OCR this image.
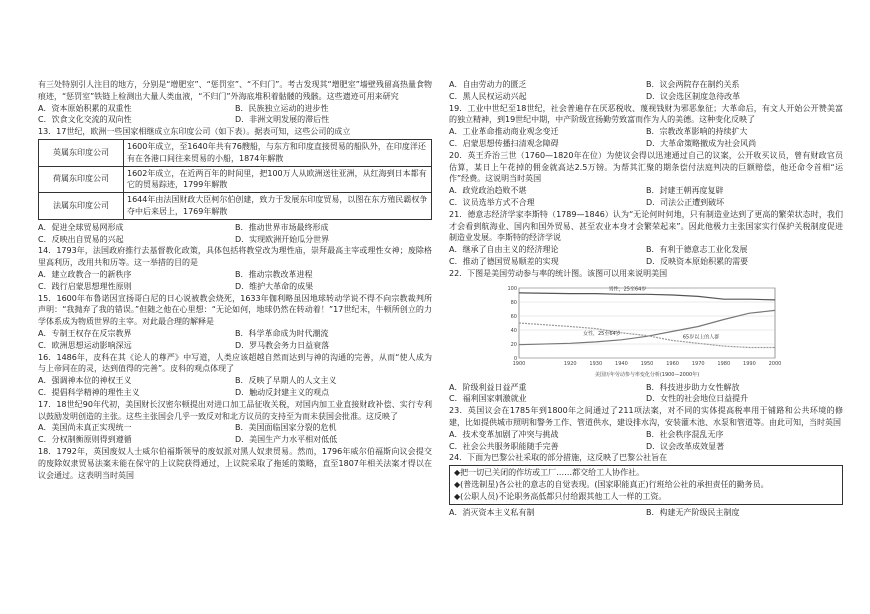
有三处特别引人注目的地方，分别是“增肥室”、“惩罚室”、“不归门”。考古发现其“增肥室”墙壁残留高热量食物痕迹，“惩罚室”铁链上检测出大量人类血液，“不归门”外海底堆积着骷髅的残骸。这些遗迹可用来研究

A．资本原始积累的双重性	B．民族独立运动的进步性
C．饮食文化交流的双向性	D．非洲文明发展的滞后性

13．17世纪，欧洲一些国家相继成立东印度公司（如下表）。据表可知，这些公司的成立

英属东印度公司	1600年成立，至1640年共有76艘船，与东方和印度直接贸易的船队外，在印度洋还有在各港口间往来贸易的小船，1874年解散
荷属东印度公司	1602年成立，在近两百年的时间里，把100万人从欧洲送往亚洲，从红海到日本都有它的贸易踪迹，1799年解散
法属东印度公司	1644年由法国财政大臣柯尔伯创建，致力于发展东印度贸易，以图在东方殖民霸权争夺中后来居上，1769年解散
A．促进全球贸易网形成	B．推动世界市场最终形成
C．反映出自贸易的兴起	D．实现欧洲开始瓜分世界

14．1793年，法国政府推行去基督教化政策，具体包括将教堂改为理性庙，崇拜最高主宰或理性女神；废除格里高利历，改用共和历等。这一举措的目的是

A．建立政教合一的新秩序	B．推动宗教改革进程
C．践行启蒙思想理性原则	D．维护大革命的成果

15．1600年布鲁诺因宣扬哥白尼的日心说被教会烧死，1633年伽利略虽因地球转动学说不得不向宗教裁判所声明：“我抛弃了我的错误。”但随之他在心里想：“无论如何，地球仍然在转动着！”17世纪末，牛顿所创立的力学体系成为物质世界的主宰。对此最合理的解释是

A．专制王权存在反宗教界	B．科学革命成为时代潮流
C．欧洲思想运动影响深远	D．罗马教会务力日益衰落

16．1486年，皮科在其《论人的尊严》中写道，人类应该超越自然而达到与神的沟通的完善，从而“使人成为与上帝同在的灵，达到值得的完善”。皮科的观点体现了

A．强调神本位的神权王义	B．反映了早期人的人文主义
C．提倡科学精神的理性主义	D．触动反封建主义的观点

17．18世纪90年代初，美国财长汉密尔顿提出对进口加工品征收关税，对国内加工业直接财政补偿、实行专利以鼓励发明创造的主张。这些主张国会几乎一致反对和北方议员的支持至为而未获国会批准。这反映了

A．美国尚未真正实现统一	B．美国面临国家分裂的危机
C．分权制衡原则得到遵循	D．美国生产力水平相对低低

18．1792年，英国废奴人士威尔伯福斯领导的废奴派对黑人奴隶贸易。然而，1796年威尔伯福斯向议会提交的废除奴隶贸易法案未能在保守的上议院获得通过，上议院采取了拖延的策略，直至1807年相关法案才得以在议会通过。这表明当时英国

A．自由劳动力的匮乏	B．议会两院存在制约关系
C．黑人民权运动兴起	D．议会选区制度急待改革

19．工业中世纪至18世纪，社会普遍存在厌恶税收、蔑视钱财为邪恶象征；大革命后，有文人开始公开赞美富的独立精神，到19世纪中期，中产阶级宣扬勤劳致富而作为人的美德。这种变化反映了

A．工业革命推动商业观念变迁	B．宗教改革影响的持续扩大
C．启蒙思想传播扫清观念障碍	D．大革命策略撤成为社会风尚

20．英王乔治三世（1760—1820年在位）为使议会得以迅速通过自己的议案，公开收买议员，曾有财政官员估算，某日上午花掉的佣金就高达2.5万镑。为帮其汇聚的期条偿付法庭判决的巨额赔偿，他还命令首相“运作”经费。这说明当时英国

A．政党政治趋败不堪	B．封建王朝再度复辟
C．议员选举方式不合理	D．司法公正遭到破坏

21．德意志经济学家李斯特（1789—1846）认为“无论何时何地，只有制造业达到了更高的繁荣状态时，我们才会看到航海业、国内和国外贸易、甚至农业本身才会繁荣起来”。因此他极力主张国家实行保护关税制度促进制造业发展。李斯特的经济学说

A．继承了自由主义的经济理论	B．有利于德意志工业化发展
C．推动了德国贸易顺差的实现	D．反映资本原始积累的需要

22．下图是美国劳动参与率的统计图。该图可以用来说明美国

0
20
40
60
80
100
1900	1920	1930	1940	1950	1960	1970	1980	1990	2000
美国历年劳动参与率变化分析(1900—2000年)
男性，25至64岁
女性，25至64岁
65岁以上的人群
A．阶级利益日益严重	B．科技进步助力女性解放
C．福利国家刺激就业	D．女性的社会地位日益提升

23．英国议会在1785年到1800年之间通过了211项法案，对不同的实体提高税率用于铺路和公共环境的修建，比如提供城市照明和警务工作、管道供水，建设排水沟，安装灌木池、水泵和管道等。由此可知，当时英国

A．技术变革加剧了冲突与挑战	B．社会秩序混乱无序
C．社会公共服务职能随手完善	D．议会改革成效显著

24．下面为巴黎公社采取的部分措施，这反映了巴黎公社旨在

◆把一切已关闭的作坊或工厂……都交给工人协作社。
◆(普选制星)各公社的意志的自觉表现。(国家职能真正)行班给公社的承担责任的勤务员。
◆(公职人员)不论职务高低都只付给跟其他工人一样的工资。
A．消灭资本主义私有制	B．构建无产阶级民主制度
